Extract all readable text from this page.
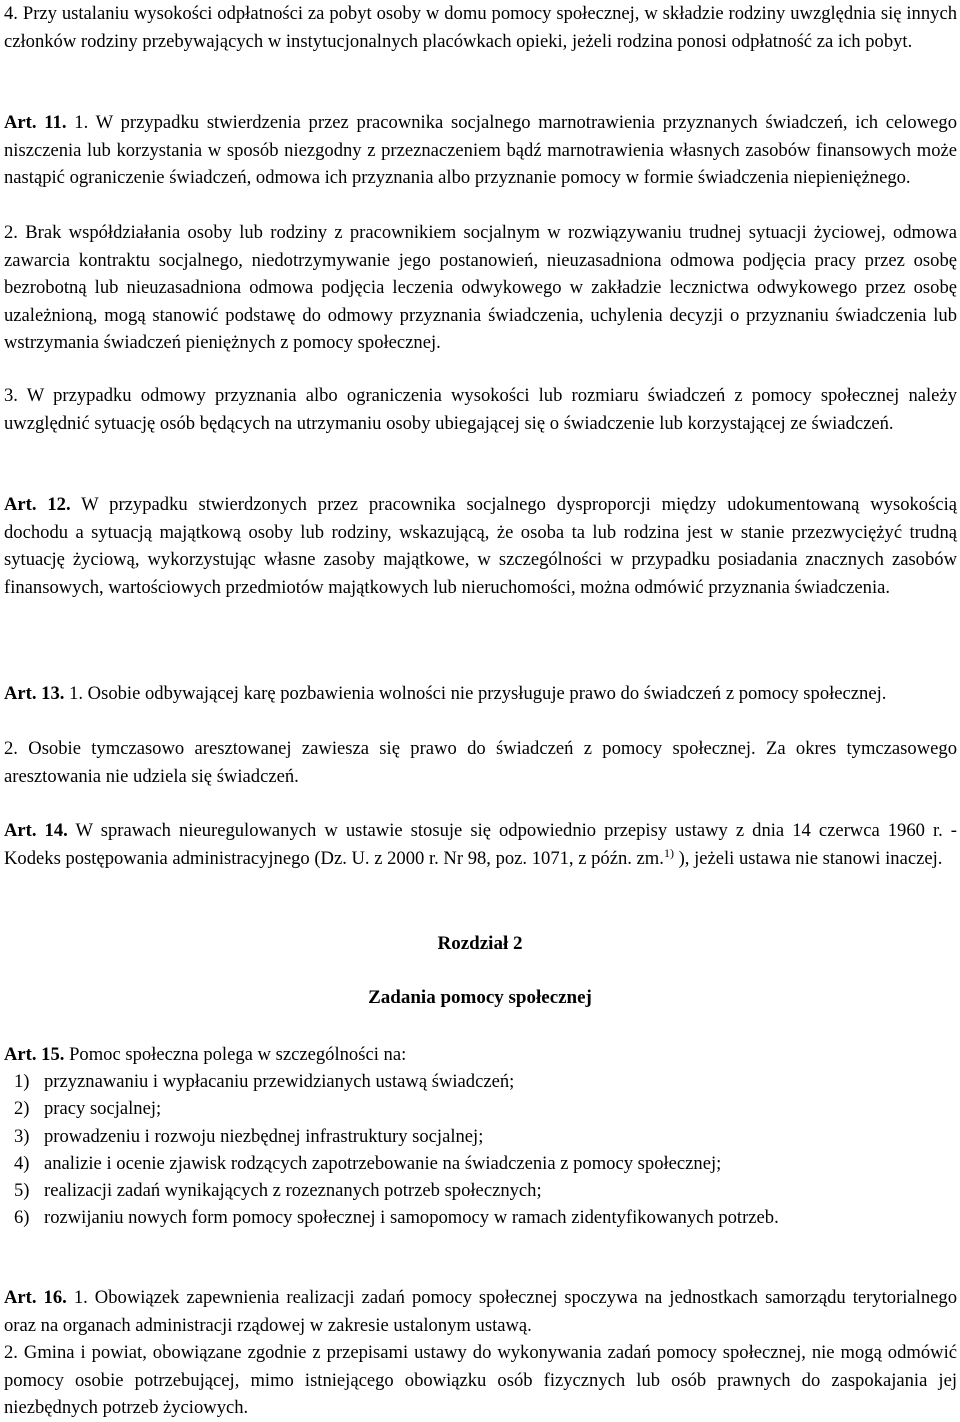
4. Przy ustalaniu wysokości odpłatności za pobyt osoby w domu pomocy społecznej, w składzie rodziny uwzględnia się innych członków rodziny przebywających w instytucjonalnych placówkach opieki, jeżeli rodzina ponosi odpłatność za ich pobyt.

Art. 11. 1. W przypadku stwierdzenia przez pracownika socjalnego marnotrawienia przyznanych świadczeń, ich celowego niszczenia lub korzystania w sposób niezgodny z przeznaczeniem bądź marnotrawienia własnych zasobów finansowych może nastąpić ograniczenie świadczeń, odmowa ich przyznania albo przyznanie pomocy w formie świadczenia niepieniężnego.

2. Brak współdziałania osoby lub rodziny z pracownikiem socjalnym w rozwiązywaniu trudnej sytuacji życiowej, odmowa zawarcia kontraktu socjalnego, niedotrzymywanie jego postanowień, nieuzasadniona odmowa podjęcia pracy przez osobę bezrobotną lub nieuzasadniona odmowa podjęcia leczenia odwykowego w zakładzie lecznictwa odwykowego przez osobę uzależnioną, mogą stanowić podstawę do odmowy przyznania świadczenia, uchylenia decyzji o przyznaniu świadczenia lub wstrzymania świadczeń pieniężnych z pomocy społecznej.

3. W przypadku odmowy przyznania albo ograniczenia wysokości lub rozmiaru świadczeń z pomocy społecznej należy uwzględnić sytuację osób będących na utrzymaniu osoby ubiegającej się o świadczenie lub korzystającej ze świadczeń.

Art. 12. W przypadku stwierdzonych przez pracownika socjalnego dysproporcji między udokumentowaną wysokością dochodu a sytuacją majątkową osoby lub rodziny, wskazującą, że osoba ta lub rodzina jest w stanie przezwyciężyć trudną sytuację życiową, wykorzystując własne zasoby majątkowe, w szczególności w przypadku posiadania znacznych zasobów finansowych, wartościowych przedmiotów majątkowych lub nieruchomości, można odmówić przyznania świadczenia.

Art. 13. 1. Osobie odbywającej karę pozbawienia wolności nie przysługuje prawo do świadczeń z pomocy społecznej.

2. Osobie tymczasowo aresztowanej zawiesza się prawo do świadczeń z pomocy społecznej. Za okres tymczasowego aresztowania nie udziela się świadczeń.

Art. 14. W sprawach nieuregulowanych w ustawie stosuje się odpowiednio przepisy ustawy z dnia 14 czerwca 1960 r. - Kodeks postępowania administracyjnego (Dz. U. z 2000 r. Nr 98, poz. 1071, z późn. zm.$^{1)}$ ), jeżeli ustawa nie stanowi inaczej.

Rozdział 2

Zadania pomocy społecznej

Art. 15. Pomoc społeczna polega w szczególności na:

1) przyznawaniu i wypłacaniu przewidzianych ustawą świadczeń;
2) pracy socjalnej;
3) prowadzeniu i rozwoju niezbędnej infrastruktury socjalnej;
4) analizie i ocenie zjawisk rodzących zapotrzebowanie na świadczenia z pomocy społecznej;
5) realizacji zadań wynikających z rozeznanych potrzeb społecznych;
6) rozwijaniu nowych form pomocy społecznej i samopomocy w ramach zidentyfikowanych potrzeb.

Art. 16. 1. Obowiązek zapewnienia realizacji zadań pomocy społecznej spoczywa na jednostkach samorządu terytorialnego oraz na organach administracji rządowej w zakresie ustalonym ustawą.

2. Gmina i powiat, obowiązane zgodnie z przepisami ustawy do wykonywania zadań pomocy społecznej, nie mogą odmówić pomocy osobie potrzebującej, mimo istniejącego obowiązku osób fizycznych lub osób prawnych do zaspokajania jej niezbędnych potrzeb życiowych.
